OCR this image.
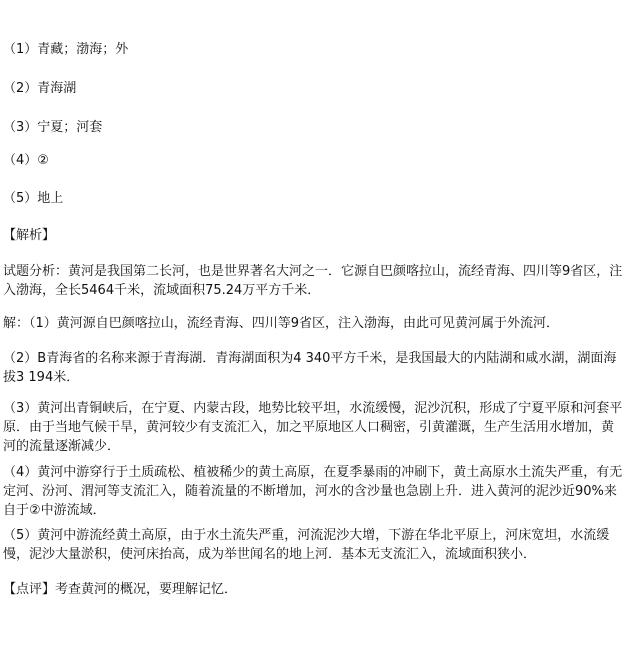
（1）青藏；渤海；外
（2）青海湖
（3）宁夏；河套
（4）②
（5）地上
【解析】
试题分析：黄河是我国第二长河，也是世界著名大河之一．它源自巴颜喀拉山，流经青海、四川等9省区，注入渤海，全长5464千米，流域面积75.24万平方千米．
解：（1）黄河源自巴颜喀拉山，流经青海、四川等9省区，注入渤海，由此可见黄河属于外流河．
（2）B青海省的名称来源于青海湖．青海湖面积为4 340平方千米，是我国最大的内陆湖和咸水湖，湖面海拔3 194米．
（3）黄河出青铜峡后，在宁夏、内蒙古段，地势比较平坦，水流缓慢，泥沙沉积，形成了宁夏平原和河套平原．由于当地气候干旱，黄河较少有支流汇入，加之平原地区人口稠密，引黄灌溉，生产生活用水增加，黄河的流量逐渐减少．
（4）黄河中游穿行于土质疏松、植被稀少的黄土高原，在夏季暴雨的冲刷下，黄土高原水土流失严重，有无定河、汾河、渭河等支流汇入，随着流量的不断增加，河水的含沙量也急剧上升．进入黄河的泥沙近90%来自于②中游流域．
（5）黄河中游流经黄土高原，由于水土流失严重，河流泥沙大增，下游在华北平原上，河床宽坦，水流缓慢，泥沙大量淤积，使河床抬高，成为举世闻名的地上河．基本无支流汇入，流域面积狭小．
【点评】考查黄河的概况，要理解记忆．
